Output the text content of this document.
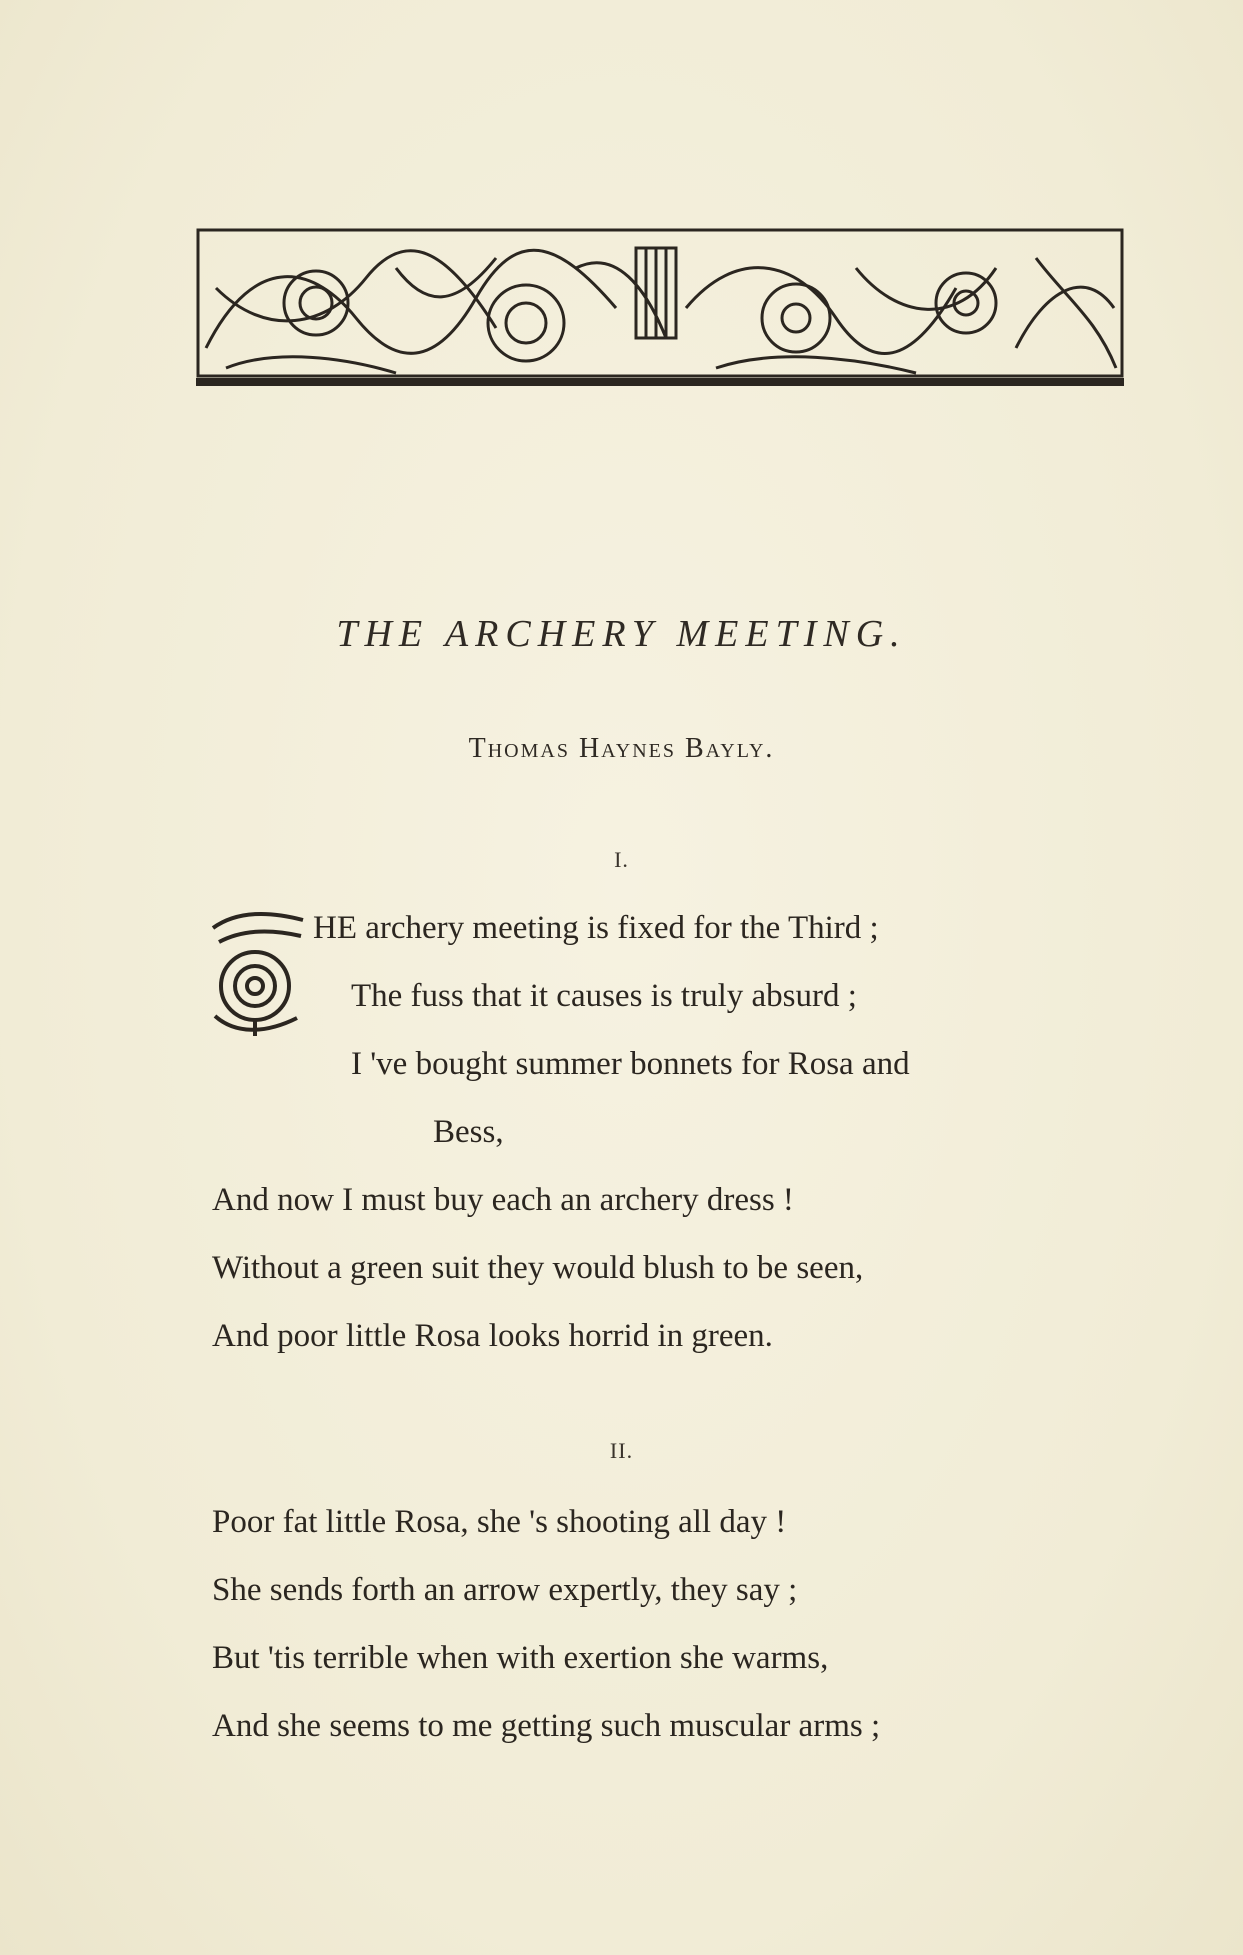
THE ARCHERY MEETING.
Thomas Haynes Bayly.
I.
HE archery meeting is fixed for the Third ;
The fuss that it causes is truly absurd ;
I 've bought summer bonnets for Rosa and
Bess,
And now I must buy each an archery dress !
Without a green suit they would blush to be seen,
And poor little Rosa looks horrid in green.
II.
Poor fat little Rosa, she 's shooting all day !
She sends forth an arrow expertly, they say ;
But 'tis terrible when with exertion she warms,
And she seems to me getting such muscular arms ;
